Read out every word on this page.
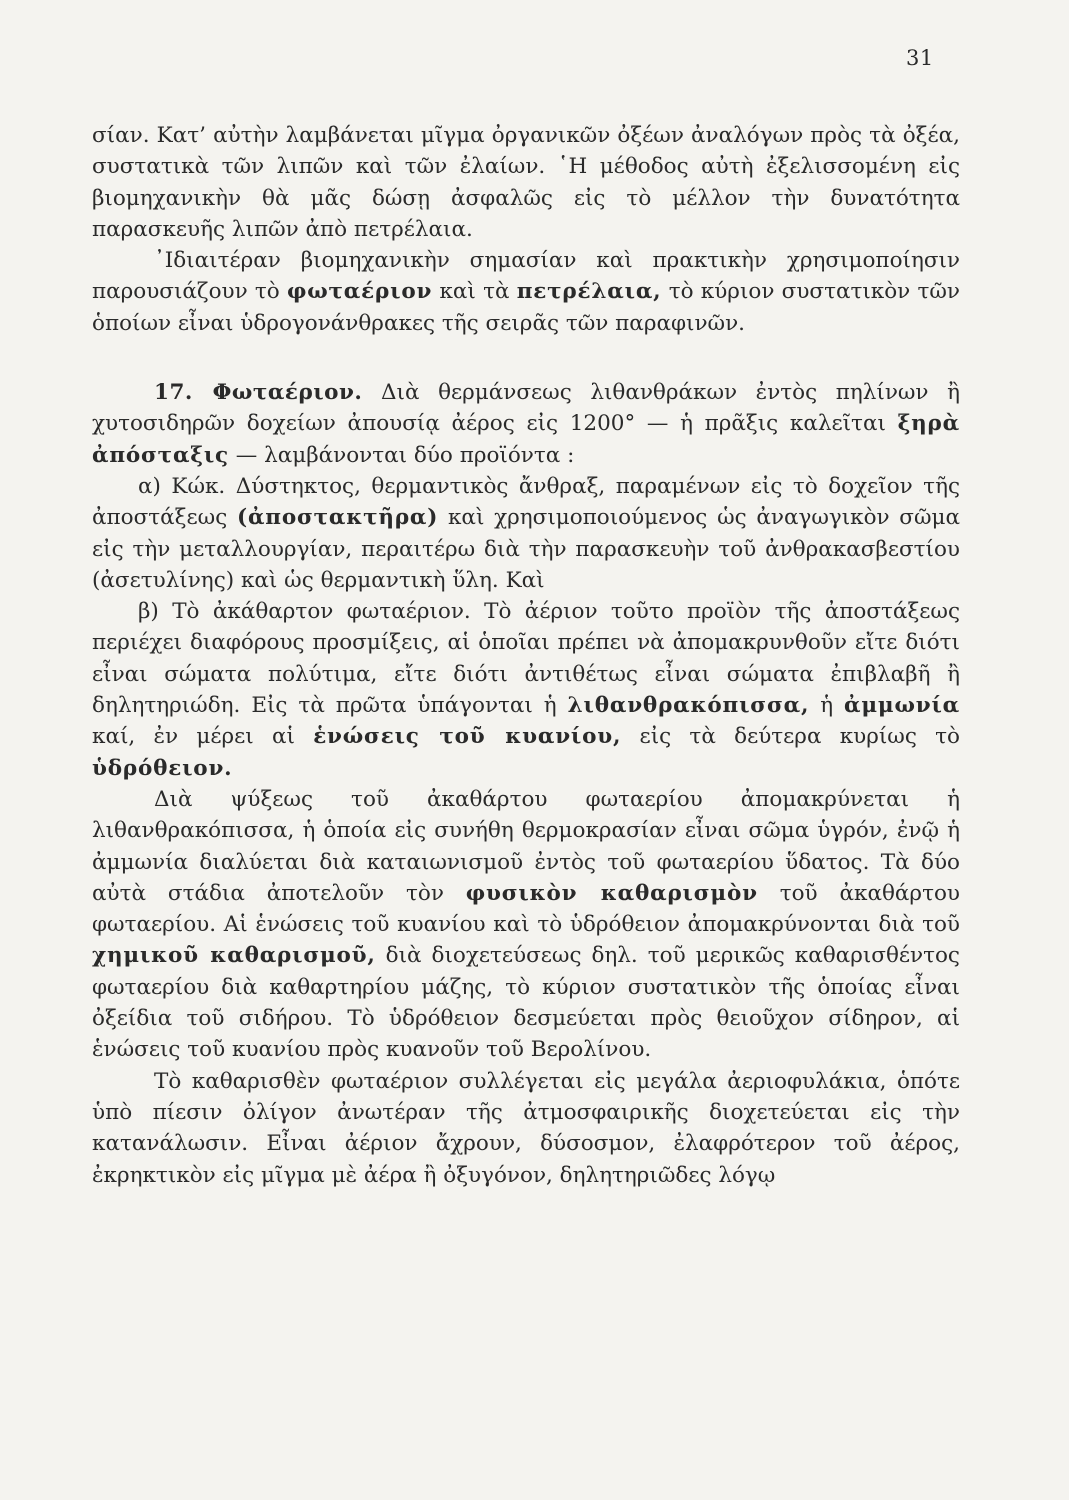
31

σίαν. Κατ’ αὐτὴν λαμβάνεται μῖγμα ὀργανικῶν ὀξέων ἀναλόγων πρὸς τὰ ὀξέα, συστατικὰ τῶν λιπῶν καὶ τῶν ἐλαίων. ῾Η μέθοδος αὐτὴ ἐξελισσομένη εἰς βιομηχανικὴν θὰ μᾶς δώσῃ ἀσφαλῶς εἰς τὸ μέλλον τὴν δυνατότητα παρασκευῆς λιπῶν ἀπὸ πετρέλαια.

᾿Ιδιαιτέραν βιομηχανικὴν σημασίαν καὶ πρακτικὴν χρησιμοποίησιν παρουσιάζουν τὸ φωταέριον καὶ τὰ πετρέλαια, τὸ κύριον συστατικὸν τῶν ὁποίων εἶναι ὑδρογονάνθρακες τῆς σειρᾶς τῶν παραφινῶν.

17. Φωταέριον. Διὰ θερμάνσεως λιθανθράκων ἐντὸς πηλίνων ἢ χυτοσιδηρῶν δοχείων ἀπουσίᾳ ἀέρος εἰς 1200° — ἡ πρᾶξις καλεῖται ξηρὰ ἀπόσταξις — λαμβάνονται δύο προϊόντα :

α) Κώκ. Δύστηκτος, θερμαντικὸς ἄνθραξ, παραμένων εἰς τὸ δοχεῖον τῆς ἀποστάξεως (ἀποστακτῆρα) καὶ χρησιμοποιούμενος ὡς ἀναγωγικὸν σῶμα εἰς τὴν μεταλλουργίαν, περαιτέρω διὰ τὴν παρασκευὴν τοῦ ἀνθρακασβεστίου (ἀσετυλίνης) καὶ ὡς θερμαντικὴ ὕλη. Καὶ

β) Τὸ ἀκάθαρτον φωταέριον. Τὸ ἀέριον τοῦτο προϊὸν τῆς ἀποστάξεως περιέχει διαφόρους προσμίξεις, αἱ ὁποῖαι πρέπει νὰ ἀπομακρυνθοῦν εἴτε διότι εἶναι σώματα πολύτιμα, εἴτε διότι ἀντιθέτως εἶναι σώματα ἐπιβλαβῆ ἢ δηλητηριώδη. Εἰς τὰ πρῶτα ὑπάγονται ἡ λιθανθρακόπισσα, ἡ ἀμμωνία καί, ἐν μέρει αἱ ἑνώσεις τοῦ κυανίου, εἰς τὰ δεύτερα κυρίως τὸ ὑδρόθειον.

Διὰ ψύξεως τοῦ ἀκαθάρτου φωταερίου ἀπομακρύνεται ἡ λιθανθρακόπισσα, ἡ ὁποία εἰς συνήθη θερμοκρασίαν εἶναι σῶμα ὑγρόν, ἐνῷ ἡ ἀμμωνία διαλύεται διὰ καταιωνισμοῦ ἐντὸς τοῦ φωταερίου ὕδατος. Τὰ δύο αὐτὰ στάδια ἀποτελοῦν τὸν φυσικὸν καθαρισμὸν τοῦ ἀκαθάρτου φωταερίου. Αἱ ἑνώσεις τοῦ κυανίου καὶ τὸ ὑδρόθειον ἀπομακρύνονται διὰ τοῦ χημικοῦ καθαρισμοῦ, διὰ διοχετεύσεως δηλ. τοῦ μερικῶς καθαρισθέντος φωταερίου διὰ καθαρτηρίου μάζης, τὸ κύριον συστατικὸν τῆς ὁποίας εἶναι ὀξείδια τοῦ σιδήρου. Τὸ ὑδρόθειον δεσμεύεται πρὸς θειοῦχον σίδηρον, αἱ ἑνώσεις τοῦ κυανίου πρὸς κυανοῦν τοῦ Βερολίνου.

Τὸ καθαρισθὲν φωταέριον συλλέγεται εἰς μεγάλα ἀεριοφυλάκια, ὁπότε ὑπὸ πίεσιν ὀλίγον ἀνωτέραν τῆς ἀτμοσφαιρικῆς διοχετεύεται εἰς τὴν κατανάλωσιν. Εἶναι ἀέριον ἄχρουν, δύσοσμον, ἐλαφρότερον τοῦ ἀέρος, ἐκρηκτικὸν εἰς μῖγμα μὲ ἀέρα ἢ ὀξυγόνον, δηλητηριῶδες λόγῳ
